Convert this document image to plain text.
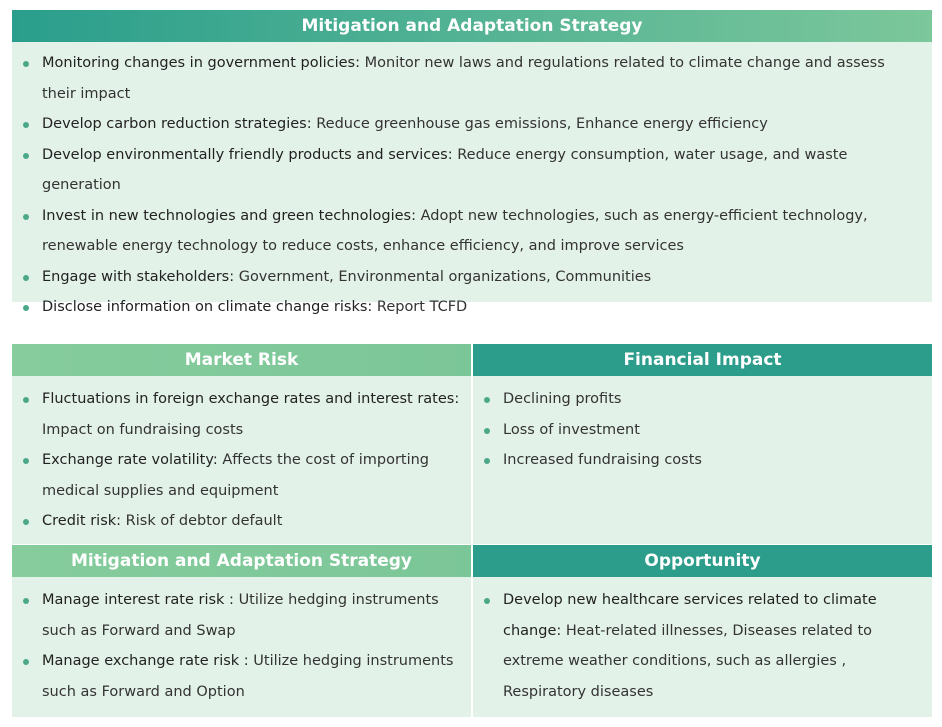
Mitigation and Adaptation Strategy
Monitoring changes in government policies: Monitor new laws and regulations related to climate change and assess their impact
Develop carbon reduction strategies: Reduce greenhouse gas emissions, Enhance energy efficiency
Develop environmentally friendly products and services: Reduce energy consumption, water usage, and waste generation
Invest in new technologies and green technologies: Adopt new technologies, such as energy-efficient technology, renewable energy technology to reduce costs, enhance efficiency, and improve services
Engage with stakeholders: Government, Environmental organizations, Communities
Disclose information on climate change risks: Report TCFD
Market Risk
Fluctuations in foreign exchange rates and interest rates: Impact on fundraising costs
Exchange rate volatility: Affects the cost of importing medical supplies and equipment
Credit risk: Risk of debtor default
Financial Impact
Declining profits
Loss of investment
Increased fundraising costs
Mitigation and Adaptation Strategy
Manage interest rate risk : Utilize hedging instruments such as Forward and Swap
Manage exchange rate risk : Utilize hedging instruments such as Forward and Option
Opportunity
Develop new healthcare services related to climate change: Heat-related illnesses, Diseases related to extreme weather conditions, such as allergies , Respiratory diseases
